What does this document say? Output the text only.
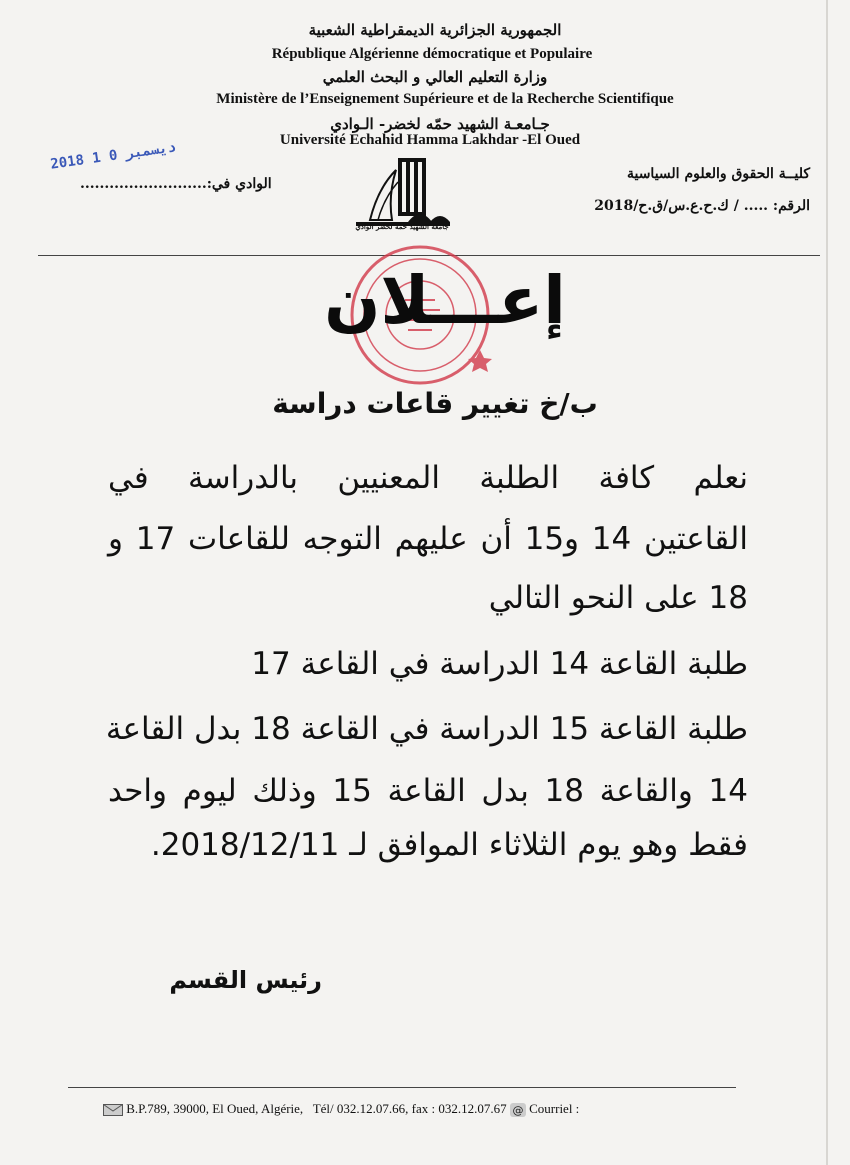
الجمهورية الجزائرية الديمقراطية الشعبية
République Algérienne démocratique et Populaire
وزارة التعليم العالي و البحث العلمي
Ministère de l’Enseignement Supérieure et de la Recherche Scientifique
جـامعـة الشهيد حمّه لخضر- الـوادي
Université Echahid Hamma Lakhdar -El Oued
2018 1 0 ديسمبر
الوادي في:..........................
كليــة الحقوق والعلوم السياسية
الرقم: ..... / ك.ح.ع.س/ق.ح/2018
جامعة الشهيد حمه لخضر الوادي
إعـــلان
ب/خ تغيير قاعات دراسة
نعلم كافة الطلبة المعنيين بالدراسة في
القاعتين 14 و15 أن عليهم التوجه للقاعات 17 و
18 على النحو التالي
طلبة القاعة 14 الدراسة في القاعة 17
طلبة القاعة 15 الدراسة في القاعة 18 بدل القاعة
14 والقاعة 18 بدل القاعة 15 وذلك ليوم واحد
فقط وهو يوم الثلاثاء الموافق لـ 2018/12/11.
رئيس القسم
B.P.789, 39000, El Oued, Algérie, Tél/ 032.12.07.66, fax : 032.12.07.67 @ Courriel :
